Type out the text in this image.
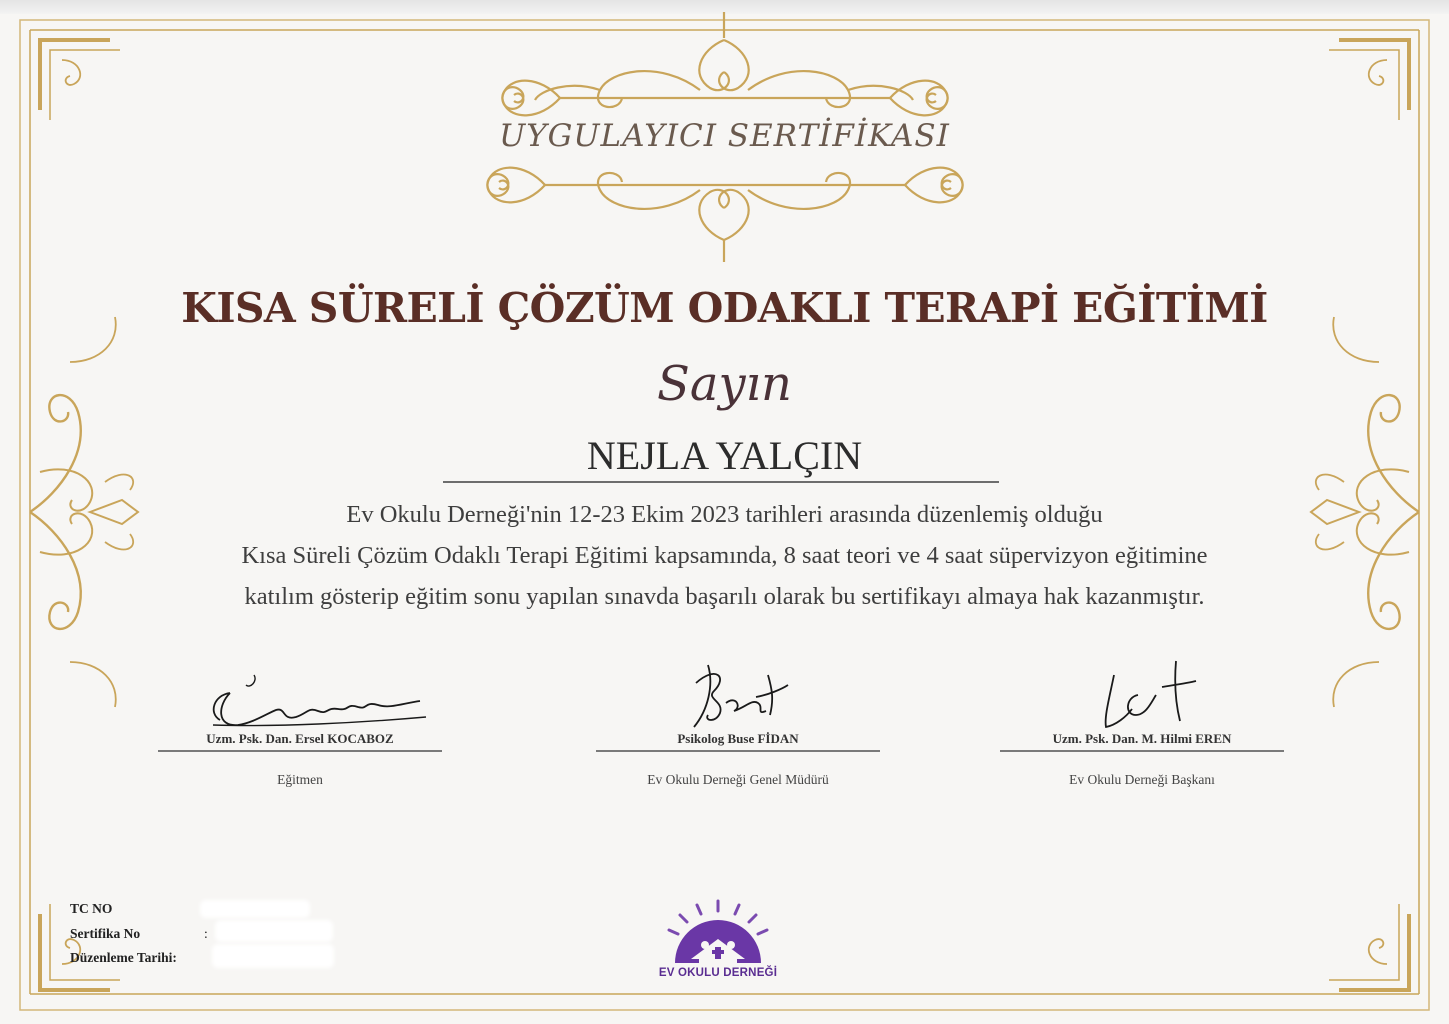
UYGULAYICI SERTİFİKASI
KISA SÜRELİ ÇÖZÜM ODAKLI TERAPİ EĞİTİMİ
Sayın
NEJLA YALÇIN
Ev Okulu Derneği'nin 12-23 Ekim 2023 tarihleri arasında düzenlemiş olduğu
Kısa Süreli Çözüm Odaklı Terapi Eğitimi kapsamında, 8 saat teori ve 4 saat süpervizyon eğitimine
katılım gösterip eğitim sonu yapılan sınavda başarılı olarak bu sertifikayı almaya hak kazanmıştır.
Uzm. Psk. Dan. Ersel KOCABOZ
Eğitmen
Psikolog Buse FİDAN
Ev Okulu Derneği Genel Müdürü
Uzm. Psk. Dan. M. Hilmi EREN
Ev Okulu Derneği Başkanı
TC NO
Sertifika No	:
Düzenleme Tarihi:
EV OKULU DERNEĞİ
